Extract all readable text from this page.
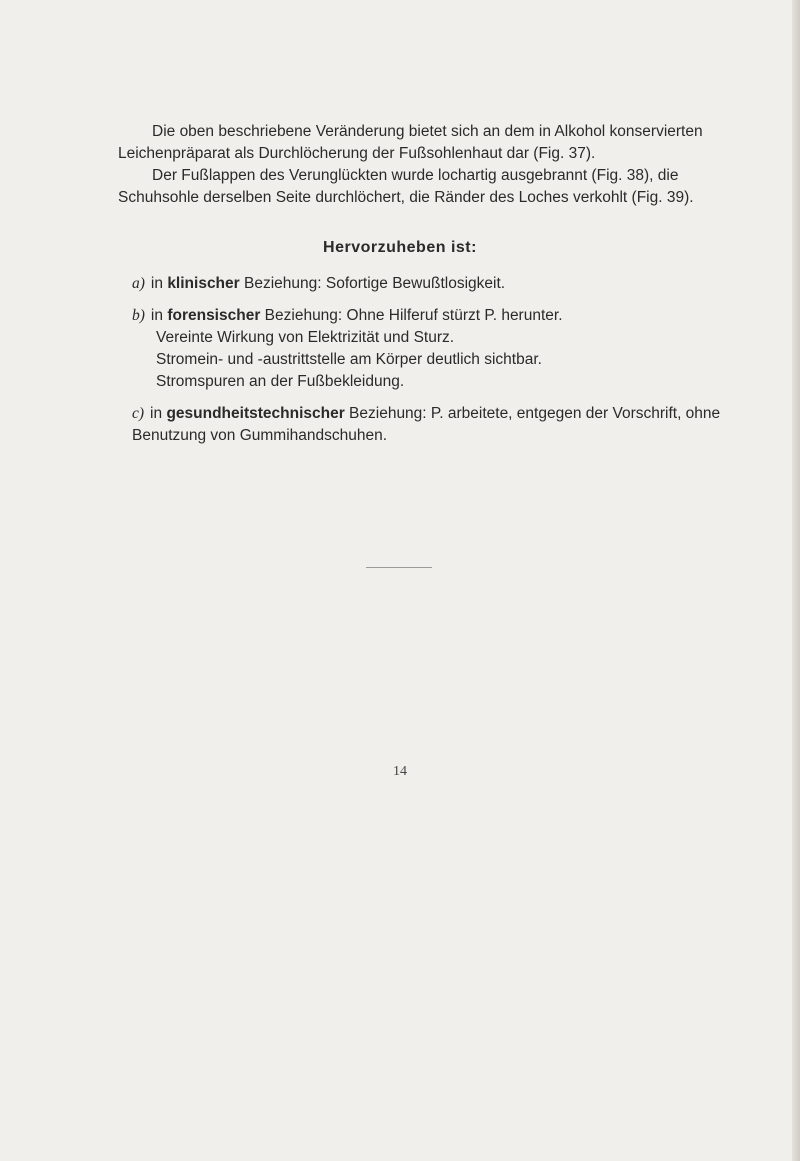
Die oben beschriebene Veränderung bietet sich an dem in Alkohol konservierten

Leichenpräparat als Durchlöcherung der Fußsohlenhaut dar (Fig. 37).

Der Fußlappen des Verunglückten wurde lochartig ausgebrannt (Fig. 38), die

Schuhsohle derselben Seite durchlöchert, die Ränder des Loches verkohlt (Fig. 39).

Hervorzuheben ist:
a) in klinischer Beziehung: Sofortige Bewußtlosigkeit.
b) in forensischer Beziehung: Ohne Hilferuf stürzt P. herunter.
Vereinte Wirkung von Elektrizität und Sturz.
Stromein- und -austrittstelle am Körper deutlich sichtbar.
Stromspuren an der Fußbekleidung.
c) in gesundheitstechnischer Beziehung: P. arbeitete, entgegen der Vorschrift, ohne
Benutzung von Gummihandschuhen.
14
